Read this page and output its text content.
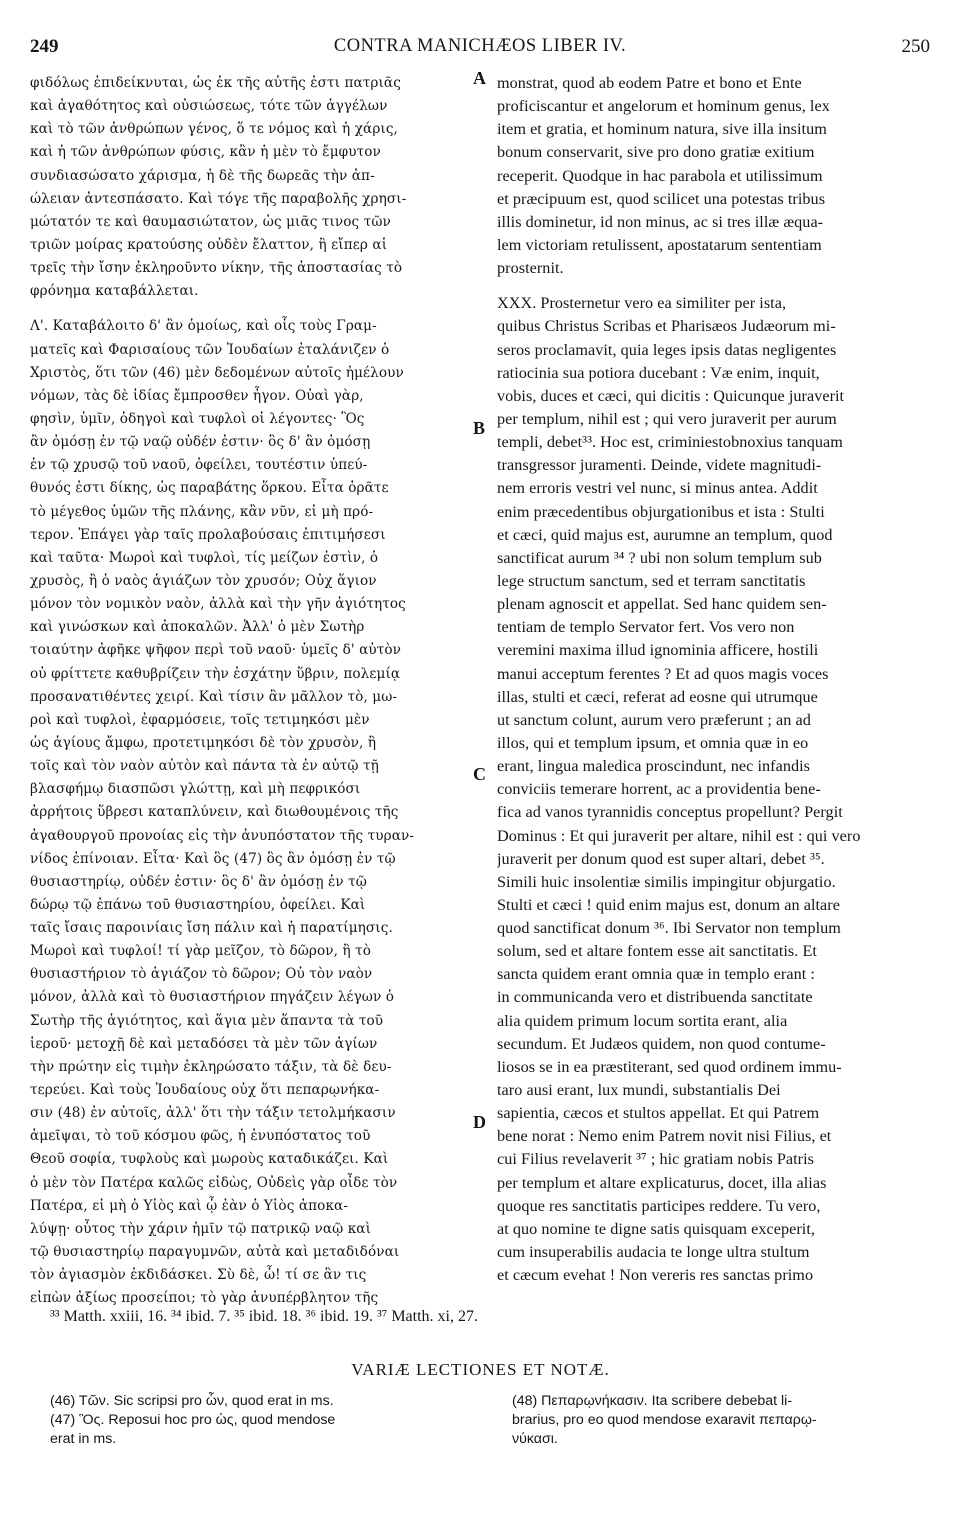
249	CONTRA MANICHÆOS LIBER IV.	250
φιδόλως ἐπιδείκνυται, ὡς ἐκ τῆς αὐτῆς ἐστι πατριᾶς
καὶ ἀγαθότητος καὶ οὐσιώσεως, τότε τῶν ἀγγέλων
καὶ τὸ τῶν ἀνθρώπων γένος, ὅ τε νόμος καὶ ἡ χάρις,
καὶ ἡ τῶν ἀνθρώπων φύσις, κἂν ἡ μὲν τὸ ἔμφυτον
συνδιασώσατο χάρισμα, ἡ δὲ τῆς δωρεᾶς τὴν ἀπ-
ώλειαν ἀντεσπάσατο. Καὶ τόγε τῆς παραβολῆς χρησι-
μώτατόν τε καὶ θαυμασιώτατον, ὡς μιᾶς τινος τῶν
τριῶν μοίρας κρατούσης οὐδὲν ἔλαττον, ἢ εἴπερ αἱ
τρεῖς τὴν ἴσην ἐκληροῦντο νίκην, τῆς ἀποστασίας τὸ
φρόνημα καταβάλλεται.
Λ'. Καταβάλοιτο δ' ἂν ὁμοίως, καὶ οἷς τοὺς Γραμ-
ματεῖς καὶ Φαρισαίους τῶν Ἰουδαίων ἐταλάνιζεν ὁ
Χριστὸς, ὅτι τῶν (46) μὲν δεδομένων αὐτοῖς ἠμέλουν
νόμων, τὰς δὲ ἰδίας ἔμπροσθεν ἦγον. Οὐαὶ γὰρ,
φησὶν, ὑμῖν, ὁδηγοὶ καὶ τυφλοὶ οἱ λέγοντες· Ὃς
ἂν ὀμόσῃ ἐν τῷ ναῷ οὐδέν ἐστιν· ὃς δ' ἂν ὀμόσῃ
ἐν τῷ χρυσῷ τοῦ ναοῦ, ὀφείλει, τουτέστιν ὑπεύ-
θυνός ἐστι δίκης, ὡς παραβάτης ὅρκου. Εἶτα ὁρᾶτε
τὸ μέγεθος ὑμῶν τῆς πλάνης, κἂν νῦν, εἰ μὴ πρό-
τερον. Ἐπάγει γὰρ ταῖς προλαβούσαις ἐπιτιμήσεσι
καὶ ταῦτα· Μωροὶ καὶ τυφλοὶ, τίς μείζων ἐστὶν, ὁ
χρυσὸς, ἢ ὁ ναὸς ἁγιάζων τὸν χρυσόν; Οὐχ ἅγιον
μόνον τὸν νομικὸν ναὸν, ἀλλὰ καὶ τὴν γῆν ἁγιότητος
καὶ γινώσκων καὶ ἀποκαλῶν. Ἀλλ' ὁ μὲν Σωτὴρ
τοιαύτην ἀφῆκε ψῆφον περὶ τοῦ ναοῦ· ὑμεῖς δ' αὐτὸν
οὐ φρίττετε καθυβρίζειν τὴν ἐσχάτην ὕβριν, πολεμίᾳ
προσανατιθέντες χειρί. Καὶ τίσιν ἂν μᾶλλον τὸ, μω-
ροὶ καὶ τυφλοὶ, ἐφαρμόσειε, τοῖς τετιμηκόσι μὲν
ὡς ἁγίους ἄμφω, προτετιμηκόσι δὲ τὸν χρυσὸν, ἢ
τοῖς καὶ τὸν ναὸν αὐτὸν καὶ πάντα τὰ ἐν αὐτῷ τῇ
βλασφήμῳ διασπῶσι γλώττῃ, καὶ μὴ πεφρικόσι
ἀρρήτοις ὕβρεσι καταπλύνειν, καὶ διωθουμένοις τῆς
ἀγαθουργοῦ προνοίας εἰς τὴν ἀνυπόστατον τῆς τυραν-
νίδος ἐπίνοιαν. Εἶτα· Καὶ ὃς (47) ὃς ἂν ὀμόσῃ ἐν τῷ
θυσιαστηρίῳ, οὐδέν ἐστιν· ὃς δ' ἂν ὀμόσῃ ἐν τῷ
δώρῳ τῷ ἐπάνω τοῦ θυσιαστηρίου, ὀφείλει. Καὶ
ταῖς ἴσαις παροινίαις ἴση πάλιν καὶ ἡ παρατίμησις.
Μωροὶ καὶ τυφλοί! τί γὰρ μεῖζον, τὸ δῶρον, ἢ τὸ
θυσιαστήριον τὸ ἁγιάζον τὸ δῶρον; Οὐ τὸν ναὸν
μόνον, ἀλλὰ καὶ τὸ θυσιαστήριον πηγάζειν λέγων ὁ
Σωτὴρ τῆς ἁγιότητος, καὶ ἅγια μὲν ἅπαντα τὰ τοῦ
ἱεροῦ· μετοχῇ δὲ καὶ μεταδόσει τὰ μὲν τῶν ἁγίων
τὴν πρώτην εἰς τιμὴν ἐκληρώσατο τάξιν, τὰ δὲ δευ-
τερεύει. Καὶ τοὺς Ἰουδαίους οὐχ ὅτι πεπαρῳνήκα-
σιν (48) ἐν αὐτοῖς, ἀλλ' ὅτι τὴν τάξιν τετολμήκασιν
ἀμεῖψαι, τὸ τοῦ κόσμου φῶς, ἡ ἐνυπόστατος τοῦ
Θεοῦ σοφία, τυφλοὺς καὶ μωροὺς καταδικάζει. Καὶ
ὁ μὲν τὸν Πατέρα καλῶς εἰδὼς, Οὐδεὶς γὰρ οἶδε τὸν
Πατέρα, εἰ μὴ ὁ Υἱὸς καὶ ᾧ ἐὰν ὁ Υἱὸς ἀποκα-
λύψῃ· οὗτος τὴν χάριν ἡμῖν τῷ πατρικῷ ναῷ καὶ
τῷ θυσιαστηρίῳ παραγυμνῶν, αὐτὰ καὶ μεταδιδόναι
τὸν ἁγιασμὸν ἐκδιδάσκει. Σὺ δὲ, ὦ! τί σε ἂν τις
εἰπὼν ἀξίως προσείποι; τὸ γὰρ ἀνυπέρβλητον τῆς
monstrat, quod ab eodem Patre et bono et Ente
proficiscantur et angelorum et hominum genus, lex
item et gratia, et hominum natura, sive illa insitum
bonum conservarit, sive pro dono gratiæ exitium
receperit. Quodque in hac parabola et utilissimum
et præcipuum est, quod scilicet una potestas tribus
illis dominetur, id non minus, ac si tres illæ æqua-
lem victoriam retulissent, apostatarum sententiam
prosternit.
XXX. Prosternetur vero ea similiter per ista,
quibus Christus Scribas et Pharisæos Judæorum mi-
seros proclamavit, quia leges ipsis datas negligentes
ratiocinia sua potiora ducebant : Væ enim, inquit,
vobis, duces et cæci, qui dicitis : Quicunque juraverit
per templum, nihil est ; qui vero juraverit per aurum
templi, debet³³. Hoc est, criminiestobnoxius tanquam
transgressor juramenti. Deinde, videte magnitudi-
nem erroris vestri vel nunc, si minus antea. Addit
enim præcedentibus objurgationibus et ista : Stulti
et cæci, quid majus est, aurumne an templum, quod
sanctificat aurum ³⁴ ? ubi non solum templum sub
lege structum sanctum, sed et terram sanctitatis
plenam agnoscit et appellat. Sed hanc quidem sen-
tentiam de templo Servator fert. Vos vero non
veremini maxima illud ignominia afficere, hostili
manui acceptum ferentes ? Et ad quos magis voces
illas, stulti et cæci, referat ad eosne qui utrumque
ut sanctum colunt, aurum vero præferunt ; an ad
illos, qui et templum ipsum, et omnia quæ in eo
erant, lingua maledica proscindunt, nec infandis
conviciis temerare horrent, ac a providentia bene-
fica ad vanos tyrannidis conceptus propellunt? Pergit
Dominus : Et qui juraverit per altare, nihil est : qui vero
juraverit per donum quod est super altari, debet ³⁵.
Simili huic insolentiæ similis impingitur objurgatio.
Stulti et cæci ! quid enim majus est, donum an altare
quod sanctificat donum ³⁶. Ibi Servator non templum
solum, sed et altare fontem esse ait sanctitatis. Et
sancta quidem erant omnia quæ in templo erant :
in communicanda vero et distribuenda sanctitate
alia quidem primum locum sortita erant, alia
secundum. Et Judæos quidem, non quod contume-
liosos se in ea præstiterant, sed quod ordinem immu-
taro ausi erant, lux mundi, substantialis Dei
sapientia, cæcos et stultos appellat. Et qui Patrem
bene norat : Nemo enim Patrem novit nisi Filius, et
cui Filius revelaverit ³⁷ ; hic gratiam nobis Patris
per templum et altare explicaturus, docet, illa alias
quoque res sanctitatis participes reddere. Tu vero,
at quo nomine te digne satis quisquam exceperit,
cum insuperabilis audacia te longe ultra stultum
et cæcum evehat ! Non vereris res sanctas primo
A
B
C
D
³³ Matth. xxiii, 16. ³⁴ ibid. 7. ³⁵ ibid. 18. ³⁶ ibid. 19. ³⁷ Matth. xi, 27.
VARIÆ LECTIONES ET NOTÆ.
(46) Τῶν. Sic scripsi pro ὧν, quod erat in ms.
(47) Ὃς. Reposui hoc pro ὡς, quod mendose
erat in ms.
(48) Πεπαρῳνήκασιν. Ita scribere debebat li-
brarius, pro eo quod mendose exaravit πεπαρῳ-
νύκασι.
